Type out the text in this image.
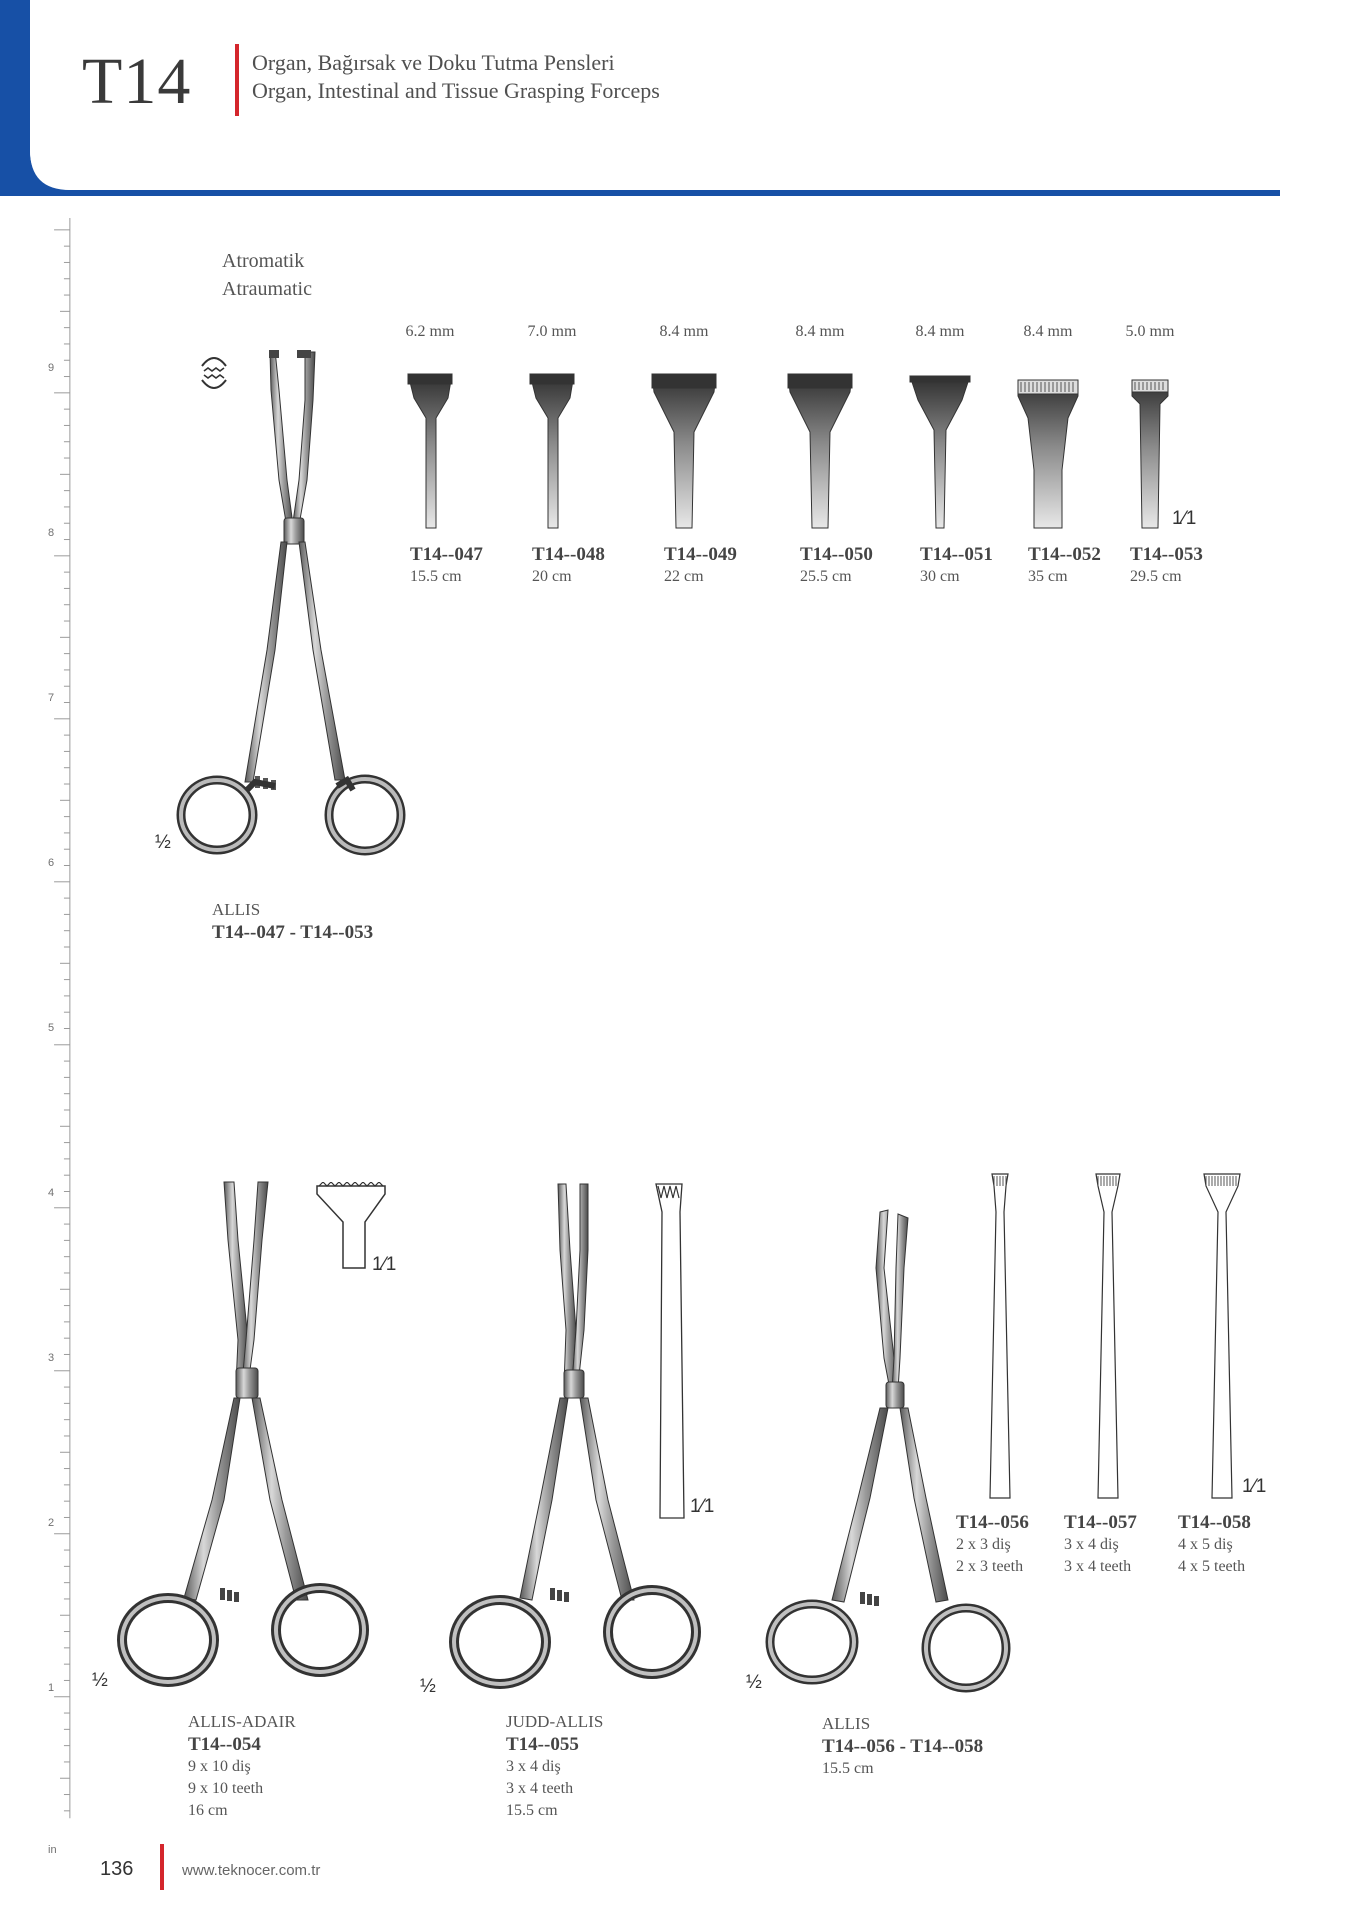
T14	Organ, Bağırsak ve Doku Tutma Pensleri
Organ, Intestinal and Tissue Grasping Forceps
9
8
7
6
5
4
3
2
1
in
Atromatik
Atraumatic
½
ALLIS
T14--047 - T14--053
6.2 mm
T14--047
15.5 cm
7.0 mm
T14--048
20 cm
8.4 mm
T14--049
22 cm
8.4 mm
T14--050
25.5 cm
8.4 mm
T14--051
30 cm
8.4 mm
T14--052
35 cm
5.0 mm
T14--053
29.5 cm
1⁄1
1⁄1
½
1⁄1
½	½
T14--056
2 x 3 diş
2 x 3 teeth
T14--057
3 x 4 diş
3 x 4 teeth
T14--058
4 x 5 diş
4 x 5 teeth
1⁄1
ALLIS-ADAIR
T14--054
9 x 10 diş
9 x 10 teeth
16 cm
JUDD-ALLIS
T14--055
3 x 4 diş
3 x 4 teeth
15.5 cm
ALLIS
T14--056 - T14--058
15.5 cm
136	www.teknocer.com.tr
